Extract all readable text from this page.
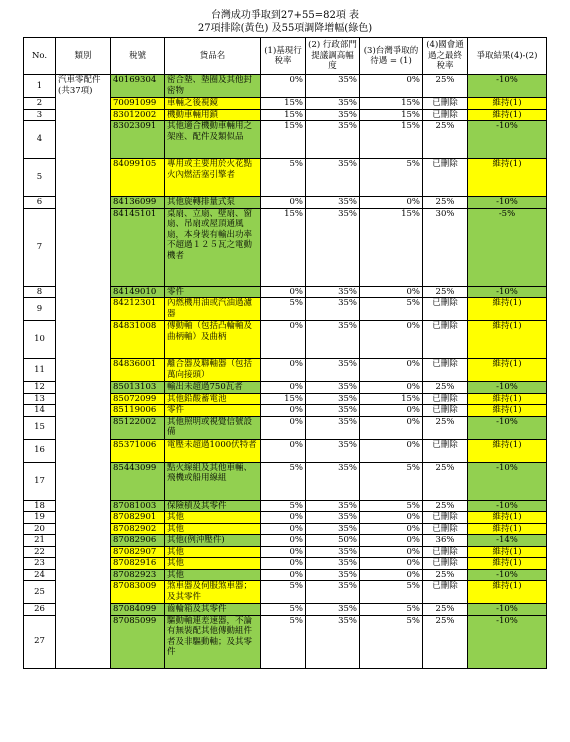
台灣成功爭取到27+55=82項 表
27項排除(黃色) 及55項調降增幅(綠色)
No.	類別	稅號	貨品名	(1)基現行稅率	(2) 行政部門提議調高幅度	(3)台灣爭取的待遇 = (1)	(4)國會通過之最終稅率	爭取結果(4)-(2)
1	汽車零配件(共37項)	40169304	密合墊、墊圈及其他封密物	0%	35%	0%	25%	-10%
2		70091099	車輛之後視鏡	15%	35%	15%	已刪除	維持(1)
3		83012002	機動車輛用鎖	15%	35%	15%	已刪除	維持(1)
4		83023091	其他適合機動車輛用之架座、配件及類似品	15%	35%	15%	25%	-10%
5		84099105	專用或主要用於火花點火內燃活塞引擎者	5%	35%	5%	已刪除	維持(1)
6		84136099	其他旋轉排量式泵	0%	35%	0%	25%	-10%
7		84145101	桌扇、立扇、壁扇、窗扇、吊扇或屋頂通風扇，本身裝有輸出功率不超過１２５瓦之電動機者	15%	35%	15%	30%	-5%
8		84149010	零件	0%	35%	0%	25%	-10%
9		84212301	內燃機用油或汽油過濾器	5%	35%	5%	已刪除	維持(1)
10		84831008	傳動軸（包括凸輪軸及曲柄軸）及曲柄	0%	35%	0%	已刪除	維持(1)
11		84836001	離合器及聯軸器（包括萬向接頭）	0%	35%	0%	已刪除	維持(1)
12		85013103	輸出未超過750瓦者	0%	35%	0%	25%	-10%
13		85072099	其他鉛酸蓄電池	15%	35%	15%	已刪除	維持(1)
14		85119006	零件	0%	35%	0%	已刪除	維持(1)
15		85122002	其他照明或視覺信號設備	0%	35%	0%	25%	-10%
16		85371006	電壓未超過1000伏特者	0%	35%	0%	已刪除	維持(1)
17		85443099	點火線組及其他車輛、飛機或船用線組	5%	35%	5%	25%	-10%
18		87081003	保險槓及其零件	5%	35%	5%	25%	-10%
19		87082901	其他	0%	35%	0%	已刪除	維持(1)
20		87082902	其他	0%	35%	0%	已刪除	維持(1)
21		87082906	其他(例沖壓件)	0%	50%	0%	36%	-14%
22		87082907	其他	0%	35%	0%	已刪除	維持(1)
23		87082916	其他	0%	35%	0%	已刪除	維持(1)
24		87082923	其他	0%	35%	0%	25%	-10%
25		87083009	煞車器及伺服煞車器；及其零件	5%	35%	5%	已刪除	維持(1)
26		87084099	齒輪箱及其零件	5%	35%	5%	25%	-10%
27		87085099	驅動軸連差速器，不論有無裝配其他傳動組件者及非驅動軸；及其零件	5%	35%	5%	25%	-10%
